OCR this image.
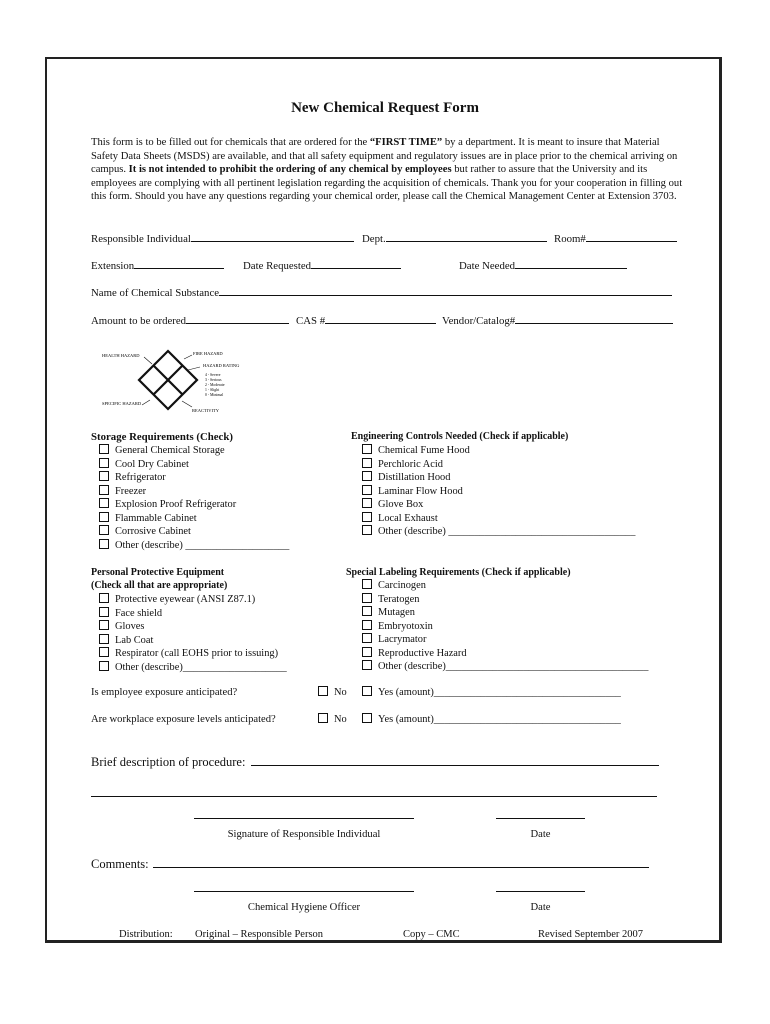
New Chemical Request Form
This form is to be filled out for chemicals that are ordered for the “FIRST TIME” by a department. It is meant to insure that Material Safety Data Sheets (MSDS) are available, and that all safety equipment and regulatory issues are in place prior to the chemical arriving on campus. It is not intended to prohibit the ordering of any chemical by employees but rather to assure that the University and its employees are complying with all pertinent legislation regarding the acquisition of chemicals. Thank you for your cooperation in filling out this form. Should you have any questions regarding your chemical order, please call the Chemical Management Center at Extension 3703.
Responsible Individual	Dept.	Room#
Extension	Date Requested	Date Needed
Name of Chemical Substance
Amount to be ordered	CAS #	Vendor/Catalog#
HEALTH HAZARD	FIRE HAZARD
SPECIFIC HAZARD
REACTIVITY
HAZARD RATING
4 - Severe
3 - Serious
2 - Moderate
1 - Slight
0 - Minimal
Storage Requirements (Check)
General Chemical Storage
Cool Dry Cabinet
Refrigerator
Freezer
Explosion Proof Refrigerator
Flammable Cabinet
Corrosive Cabinet
Other (describe) ____________________
Engineering Controls Needed (Check if applicable)
Chemical Fume Hood
Perchloric Acid
Distillation Hood
Laminar Flow Hood
Glove Box
Local Exhaust
Other (describe) ____________________________________
Personal Protective Equipment
(Check all that are appropriate)
Protective eyewear (ANSI Z87.1)
Face shield
Gloves
Lab Coat
Respirator (call EOHS prior to issuing)
Other (describe)____________________
Special Labeling Requirements (Check if applicable)
Carcinogen
Teratogen
Mutagen
Embryotoxin
Lacrymator
Reproductive Hazard
Other (describe)_______________________________________
Is employee exposure anticipated?	No	Yes (amount)____________________________________
Are workplace exposure levels anticipated?	No	Yes (amount)____________________________________
Brief description of procedure:
Signature of Responsible Individual	Date
Comments:
Chemical Hygiene Officer	Date
Distribution: Original – Responsible Person	Copy – CMC	Revised September 2007
